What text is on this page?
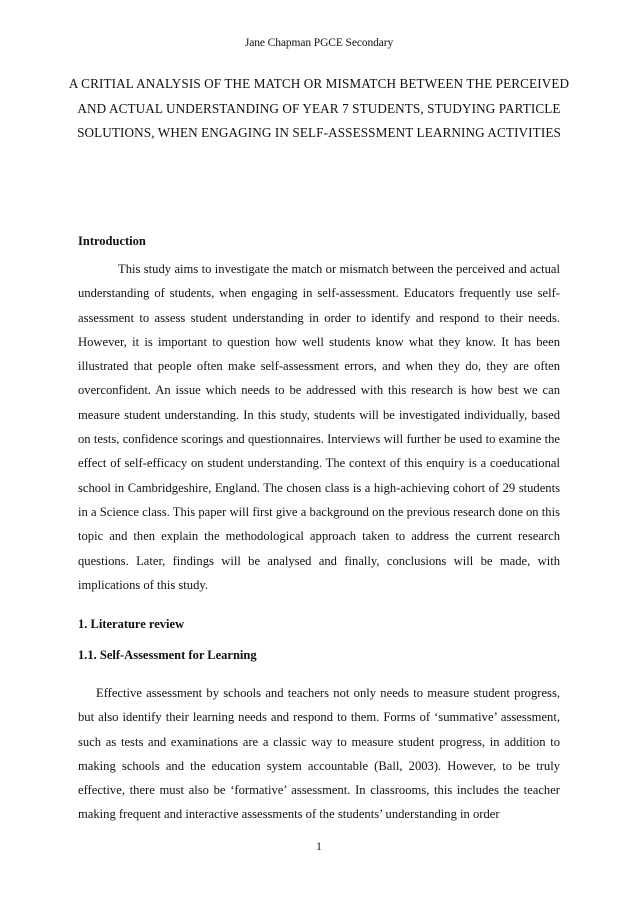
Jane Chapman PGCE Secondary
A CRITIAL ANALYSIS OF THE MATCH OR MISMATCH BETWEEN THE PERCEIVED AND ACTUAL UNDERSTANDING OF YEAR 7 STUDENTS, STUDYING PARTICLE SOLUTIONS, WHEN ENGAGING IN SELF-ASSESSMENT LEARNING ACTIVITIES
Introduction

This study aims to investigate the match or mismatch between the perceived and actual understanding of students, when engaging in self-assessment. Educators frequently use self-assessment to assess student understanding in order to identify and respond to their needs. However, it is important to question how well students know what they know. It has been illustrated that people often make self-assessment errors, and when they do, they are often overconfident. An issue which needs to be addressed with this research is how best we can measure student understanding. In this study, students will be investigated individually, based on tests, confidence scorings and questionnaires. Interviews will further be used to examine the effect of self-efficacy on student understanding. The context of this enquiry is a coeducational school in Cambridgeshire, England. The chosen class is a high-achieving cohort of 29 students in a Science class. This paper will first give a background on the previous research done on this topic and then explain the methodological approach taken to address the current research questions. Later, findings will be analysed and finally, conclusions will be made, with implications of this study.

1. Literature review
1.1. Self-Assessment for Learning

Effective assessment by schools and teachers not only needs to measure student progress, but also identify their learning needs and respond to them. Forms of ‘summative’ assessment, such as tests and examinations are a classic way to measure student progress, in addition to making schools and the education system accountable (Ball, 2003). However, to be truly effective, there must also be ‘formative’ assessment. In classrooms, this includes the teacher making frequent and interactive assessments of the students’ understanding in order

1
